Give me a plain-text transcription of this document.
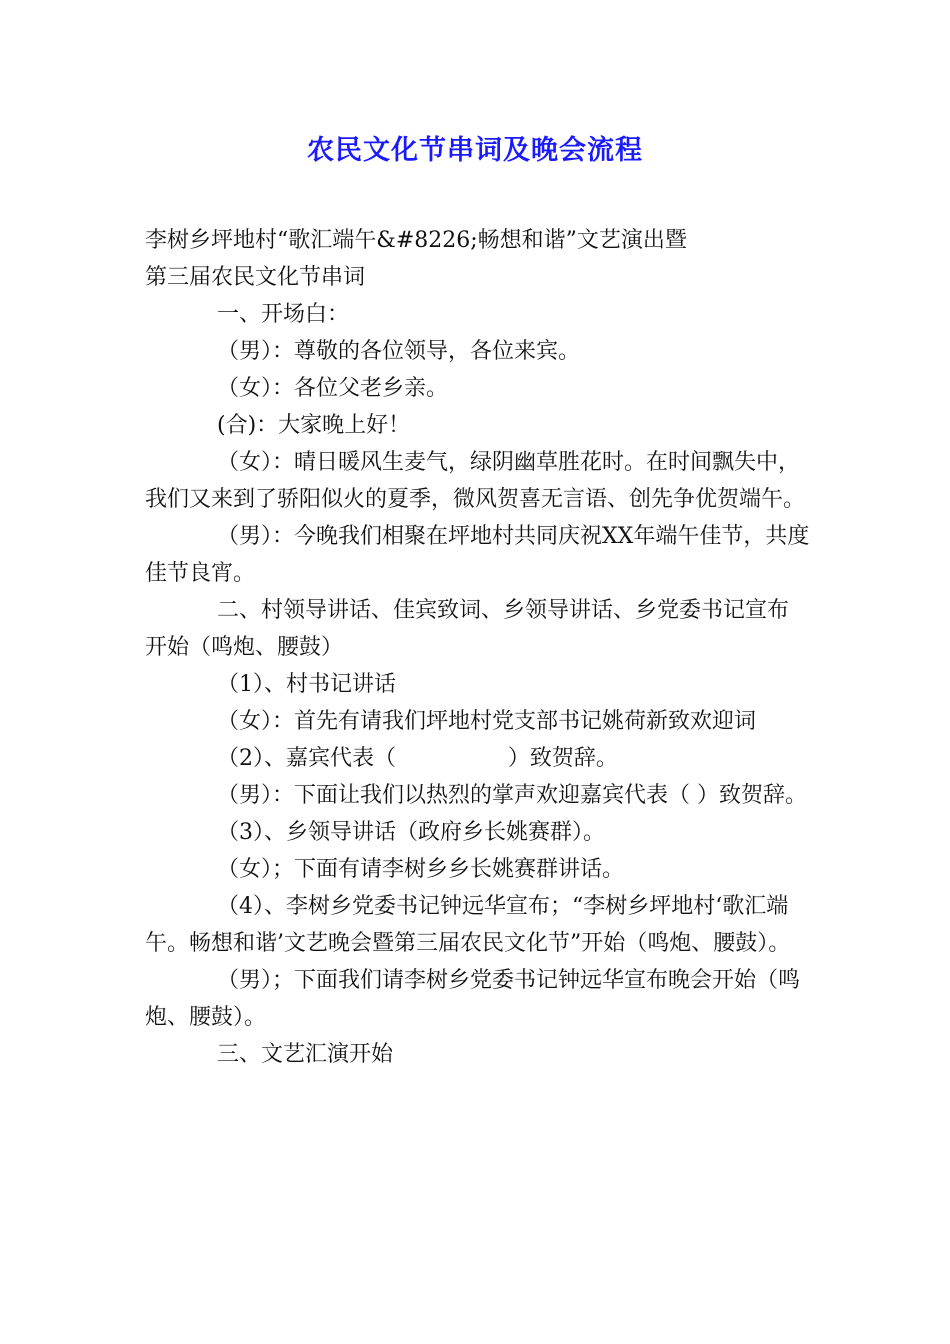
农民文化节串词及晚会流程

李树乡坪地村“歌汇端午&#8226;畅想和谐”文艺演出暨

第三届农民文化节串词

一、开场白：

（男）：尊敬的各位领导，各位来宾。

（女）：各位父老乡亲。

(合)：大家晚上好！

（女）：晴日暖风生麦气，绿阴幽草胜花时。在时间飘失中，我们又来到了骄阳似火的夏季，微风贺喜无言语、创先争优贺端午。

（男）：今晚我们相聚在坪地村共同庆祝XX年端午佳节，共度佳节良宵。

二、村领导讲话、佳宾致词、乡领导讲话、乡党委书记宣布开始（鸣炮、腰鼓）

（1）、村书记讲话

（女）：首先有请我们坪地村党支部书记姚荷新致欢迎词

（2）、嘉宾代表（                ）致贺辞。

（男）：下面让我们以热烈的掌声欢迎嘉宾代表（ ）致贺辞。

（3）、乡领导讲话（政府乡长姚赛群）。

（女）；下面有请李树乡乡长姚赛群讲话。

（4）、李树乡党委书记钟远华宣布；“李树乡坪地村‘歌汇端午。畅想和谐’文艺晚会暨第三届农民文化节”开始（鸣炮、腰鼓）。

（男）；下面我们请李树乡党委书记钟远华宣布晚会开始（鸣炮、腰鼓）。

三、文艺汇演开始
